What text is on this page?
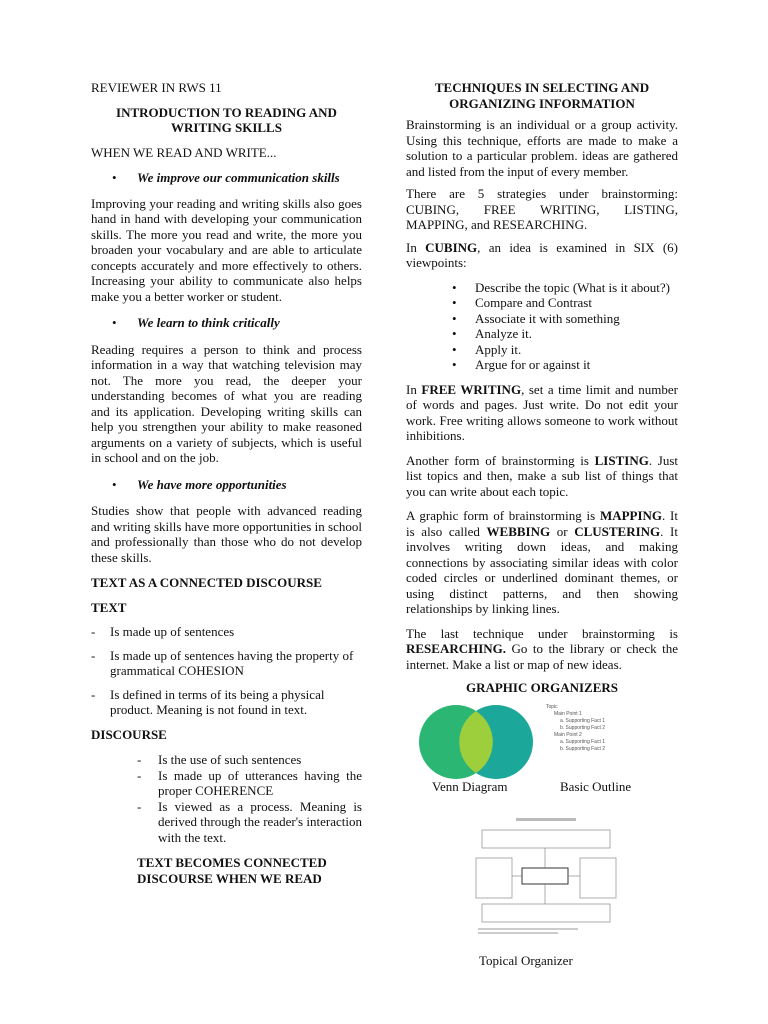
REVIEWER IN RWS 11

INTRODUCTION TO READING AND WRITING SKILLS

WHEN WE READ AND WRITE...

• We improve our communication skills

Improving your reading and writing skills also goes hand in hand with developing your communication skills. The more you read and write, the more you broaden your vocabulary and are able to articulate concepts accurately and more effectively to others. Increasing your ability to communicate also helps make you a better worker or student.

• We learn to think critically

Reading requires a person to think and process information in a way that watching television may not. The more you read, the deeper your understanding becomes of what you are reading and its application. Developing writing skills can help you strengthen your ability to make reasoned arguments on a variety of subjects, which is useful in school and on the job.

• We have more opportunities

Studies show that people with advanced reading and writing skills have more opportunities in school and professionally than those who do not develop these skills.

TEXT AS A CONNECTED DISCOURSE

TEXT

- Is made up of sentences

- Is made up of sentences having the property of grammatical COHESION

- Is defined in terms of its being a physical product. Meaning is not found in text.

DISCOURSE

- Is the use of such sentences

- Is made up of utterances having the proper COHERENCE

- Is viewed as a process. Meaning is derived through the reader's interaction with the text.

TEXT BECOMES CONNECTED DISCOURSE WHEN WE READ

TECHNIQUES IN SELECTING AND ORGANIZING INFORMATION

Brainstorming is an individual or a group activity. Using this technique, efforts are made to make a solution to a particular problem. ideas are gathered and listed from the input of every member.

There are 5 strategies under brainstorming: CUBING, FREE WRITING, LISTING, MAPPING, and RESEARCHING.

In CUBING, an idea is examined in SIX (6) viewpoints:

• Describe the topic (What is it about?)

• Compare and Contrast

• Associate it with something

• Analyze it.

• Apply it.

• Argue for or against it

In FREE WRITING, set a time limit and number of words and pages. Just write. Do not edit your work. Free writing allows someone to work without inhibitions.

Another form of brainstorming is LISTING. Just list topics and then, make a sub list of things that you can write about each topic.

A graphic form of brainstorming is MAPPING. It is also called WEBBING or CLUSTERING. It involves writing down ideas, and making connections by associating similar ideas with color coded circles or underlined dominant themes, or using distinct patterns, and then showing relationships by linking lines.

The last technique under brainstorming is RESEARCHING. Go to the library or check the internet. Make a list or map of new ideas.

GRAPHIC ORGANIZERS

Topic
Main Point 1
a. Supporting Fact 1
b. Supporting Fact 2
Main Point 2
a. Supporting Fact 1
b. Supporting Fact 2
Venn Diagram	Basic Outline
Topical Organizer
